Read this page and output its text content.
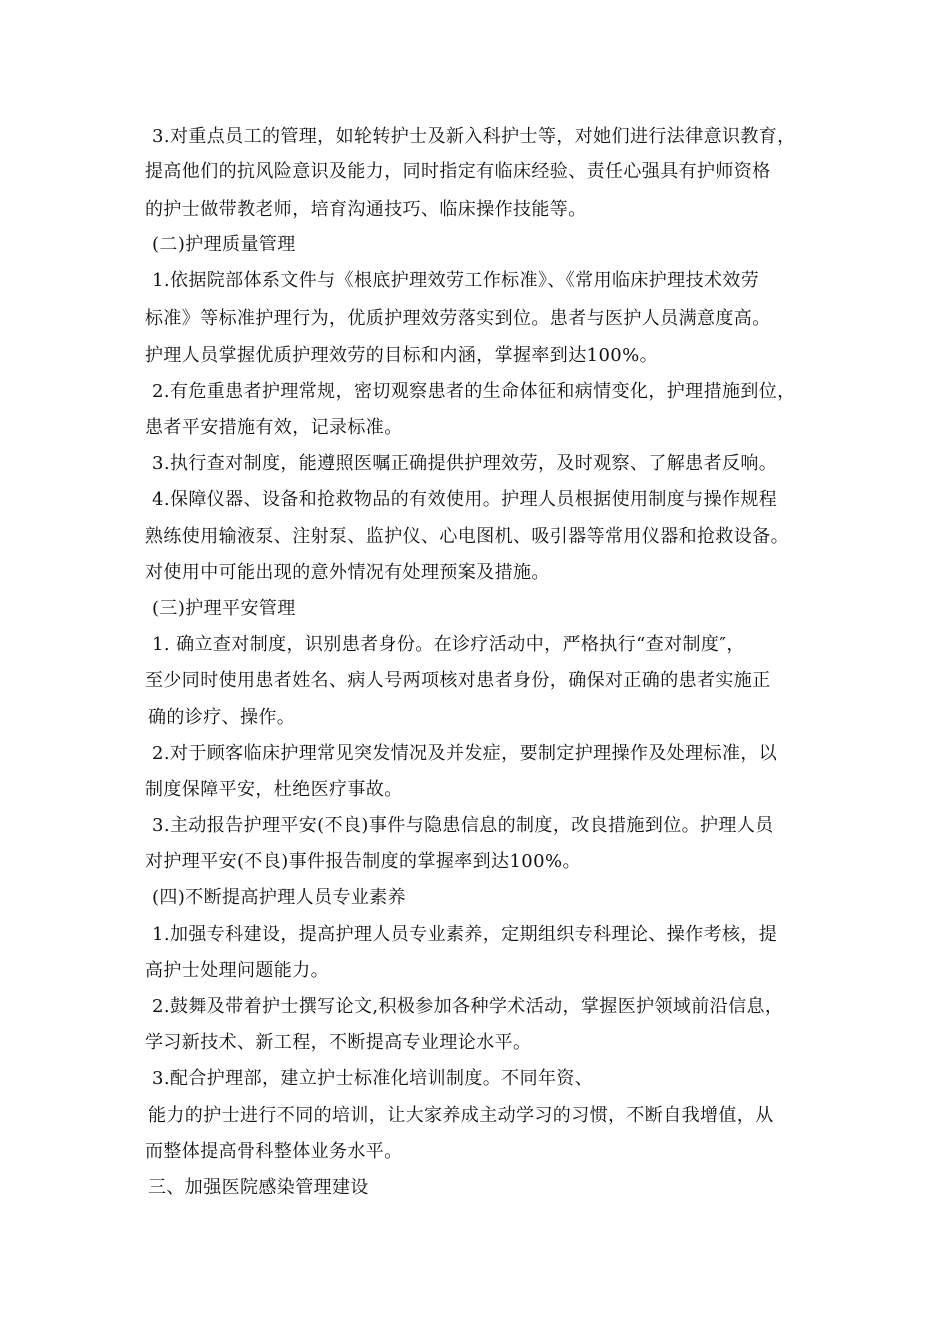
3.对重点员工的管理，如轮转护士及新入科护士等，对她们进行法律意识教育，
提高他们的抗风险意识及能力，同时指定有临床经验、责任心强具有护师资格
的护士做带教老师，培育沟通技巧、临床操作技能等。
(二)护理质量管理
1.依据院部体系文件与《根底护理效劳工作标准》、《常用临床护理技术效劳
标准》等标准护理行为，优质护理效劳落实到位。患者与医护人员满意度高。
护理人员掌握优质护理效劳的目标和内涵，掌握率到达100%。
2.有危重患者护理常规，密切观察患者的生命体征和病情变化，护理措施到位，
患者平安措施有效，记录标准。
3.执行查对制度，能遵照医嘱正确提供护理效劳，及时观察、了解患者反响。
4.保障仪器、设备和抢救物品的有效使用。护理人员根据使用制度与操作规程
熟练使用输液泵、注射泵、监护仪、心电图机、吸引器等常用仪器和抢救设备。
对使用中可能出现的意外情况有处理预案及措施。
(三)护理平安管理
1. 确立查对制度，识别患者身份。在诊疗活动中，严格执行“查对制度″，
至少同时使用患者姓名、病人号两项核对患者身份，确保对正确的患者实施正
确的诊疗、操作。
2.对于顾客临床护理常见突发情况及并发症，要制定护理操作及处理标准，以
制度保障平安，杜绝医疗事故。
3.主动报告护理平安(不良)事件与隐患信息的制度，改良措施到位。护理人员
对护理平安(不良)事件报告制度的掌握率到达100%。
(四)不断提高护理人员专业素养
1.加强专科建设，提高护理人员专业素养，定期组织专科理论、操作考核，提
高护士处理问题能力。
2.鼓舞及带着护士撰写论文,积极参加各种学术活动，掌握医护领域前沿信息，
学习新技术、新工程，不断提高专业理论水平。
3.配合护理部，建立护士标准化培训制度。不同年资、
能力的护士进行不同的培训，让大家养成主动学习的习惯，不断自我增值，从
而整体提高骨科整体业务水平。
三、加强医院感染管理建设
